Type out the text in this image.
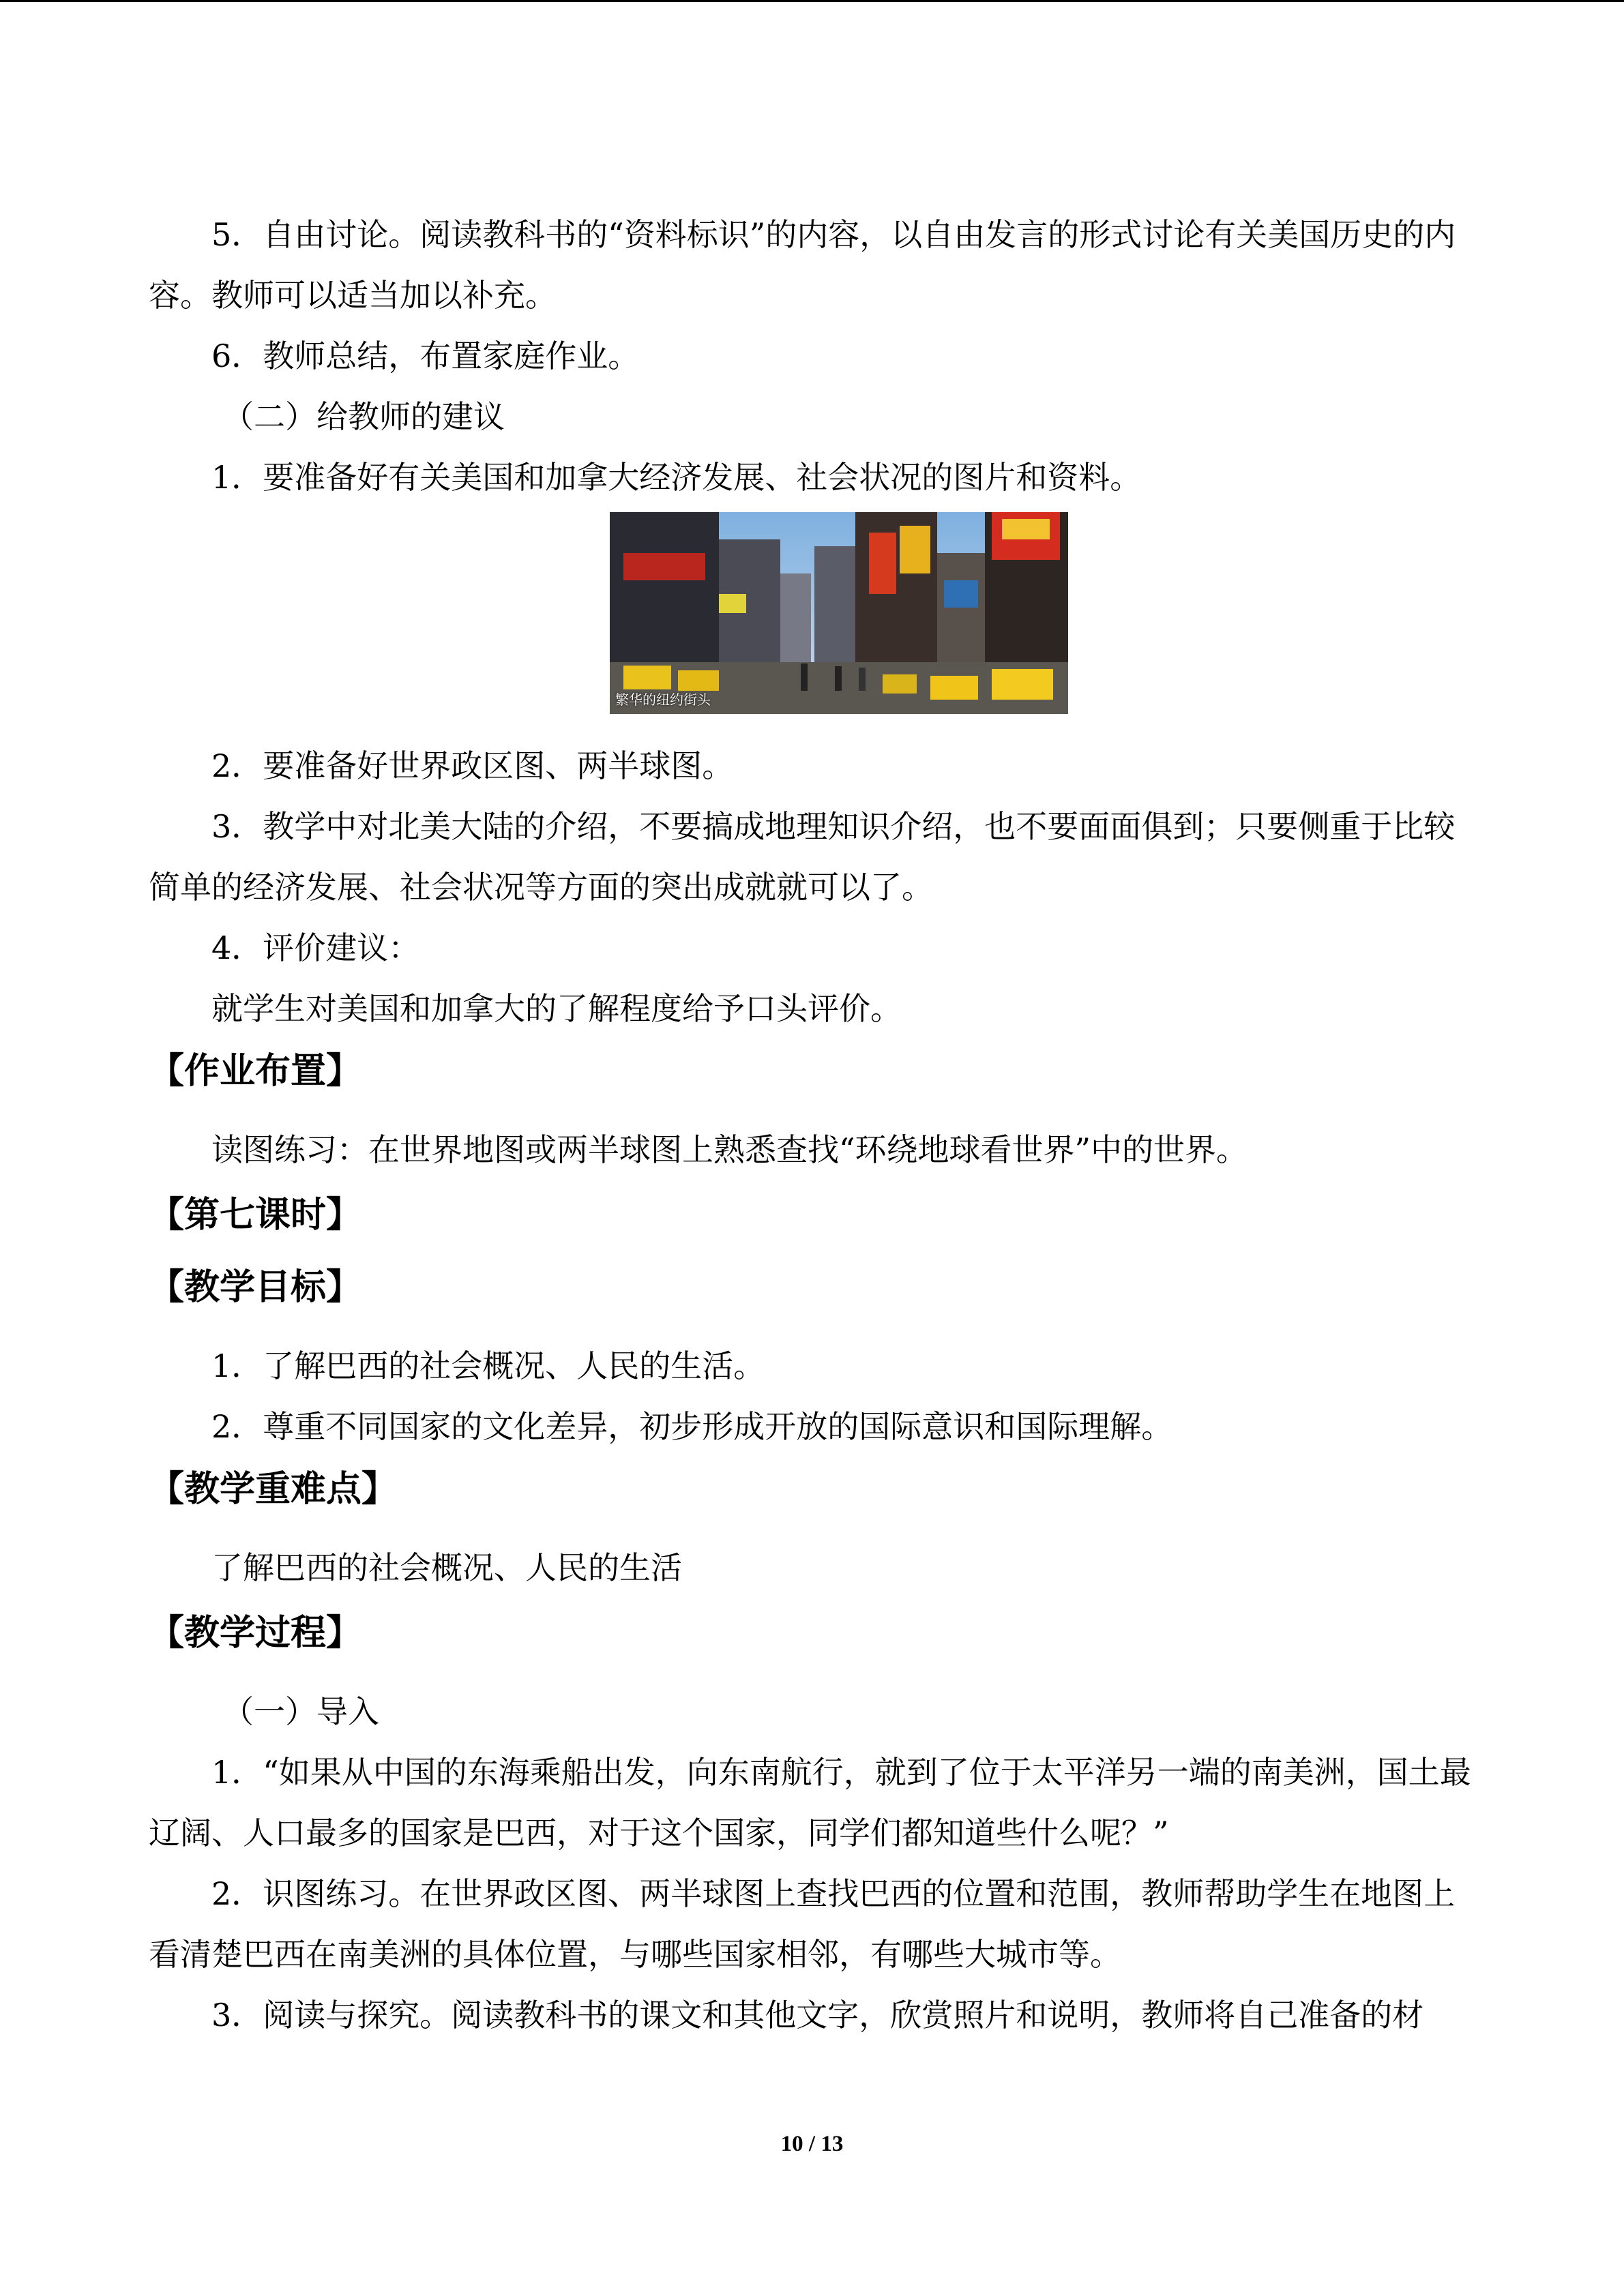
5．自由讨论。阅读教科书的“资料标识”的内容，以自由发言的形式讨论有关美国历史的内容。教师可以适当加以补充。

6．教师总结，布置家庭作业。

（二）给教师的建议

1．要准备好有关美国和加拿大经济发展、社会状况的图片和资料。

繁华的纽约街头

2．要准备好世界政区图、两半球图。

3．教学中对北美大陆的介绍，不要搞成地理知识介绍，也不要面面俱到；只要侧重于比较简单的经济发展、社会状况等方面的突出成就就可以了。

4．评价建议：

就学生对美国和加拿大的了解程度给予口头评价。

【作业布置】

读图练习：在世界地图或两半球图上熟悉查找“环绕地球看世界”中的世界。

【第七课时】
【教学目标】

1．了解巴西的社会概况、人民的生活。

2．尊重不同国家的文化差异，初步形成开放的国际意识和国际理解。

【教学重难点】

了解巴西的社会概况、人民的生活

【教学过程】

（一）导入

1．“如果从中国的东海乘船出发，向东南航行，就到了位于太平洋另一端的南美洲，国土最辽阔、人口最多的国家是巴西，对于这个国家，同学们都知道些什么呢？”

2．识图练习。在世界政区图、两半球图上查找巴西的位置和范围，教师帮助学生在地图上看清楚巴西在南美洲的具体位置，与哪些国家相邻，有哪些大城市等。

3．阅读与探究。阅读教科书的课文和其他文字，欣赏照片和说明，教师将自己准备的材

10 / 13
